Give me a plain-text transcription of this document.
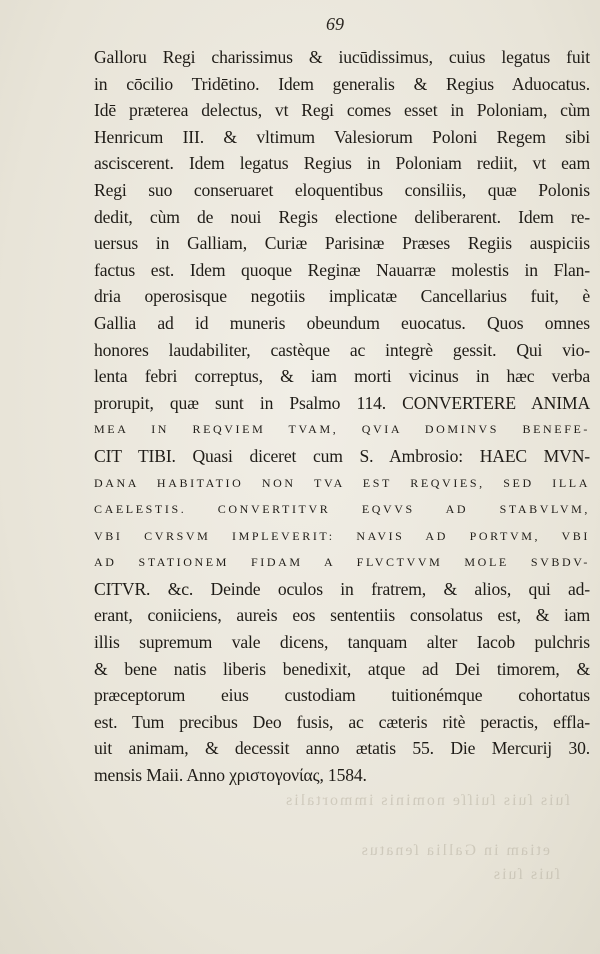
69
Galloru Regi charissimus & iucūdissimus, cuius legatus fuit
in cōcilio Tridētino. Idem generalis & Regius Aduocatus.
Idē præterea delectus, vt Regi comes esset in Poloniam, cùm
Henricum III. & vltimum Valesiorum Poloni Regem sibi
asciscerent. Idem legatus Regius in Poloniam rediit, vt eam
Regi suo conseruaret eloquentibus consiliis, quæ Polonis
dedit, cùm de noui Regis electione deliberarent. Idem re-
uersus in Galliam, Curiæ Parisinæ Præses Regiis auspiciis
factus est. Idem quoque Reginæ Nauarræ molestis in Flan-
dria operosisque negotiis implicatæ Cancellarius fuit, è
Gallia ad id muneris obeundum euocatus. Quos omnes
honores laudabiliter, castèque ac integrè gessit. Qui vio-
lenta febri correptus, & iam morti vicinus in hæc verba
prorupit, quæ sunt in Psalmo 114. CONVERTERE ANIMA
MEA IN REQVIEM TVAM, QVIA DOMINVS BENEFE-
CIT TIBI. Quasi diceret cum S. Ambrosio: HAEC MVN-
DANA HABITATIO NON TVA EST REQVIES, SED ILLA
CAELESTIS. CONVERTITVR EQVVS AD STABVLVM,
VBI CVRSVM IMPLEVERIT: NAVIS AD PORTVM, VBI
AD STATIONEM FIDAM A FLVCTVVM MOLE SVBDV-
CITVR. &c. Deinde oculos in fratrem, & alios, qui ad-
erant, coniiciens, aureis eos sententiis consolatus est, & iam
illis supremum vale dicens, tanquam alter Iacob pulchris
& bene natis liberis benedixit, atque ad Dei timorem, &
præceptorum eius custodiam tuitionémque cohortatus
est. Tum precibus Deo fusis, ac cæteris ritè peractis, effla-
uit animam, & decessit anno ætatis 55. Die Mercurij 30.
mensis Maii. Anno χριστογονίας, 1584.
ſuis ſuis ſuiſſe nominis immortalis
etiam in Gallia ſenatus
ſuis ſuis
